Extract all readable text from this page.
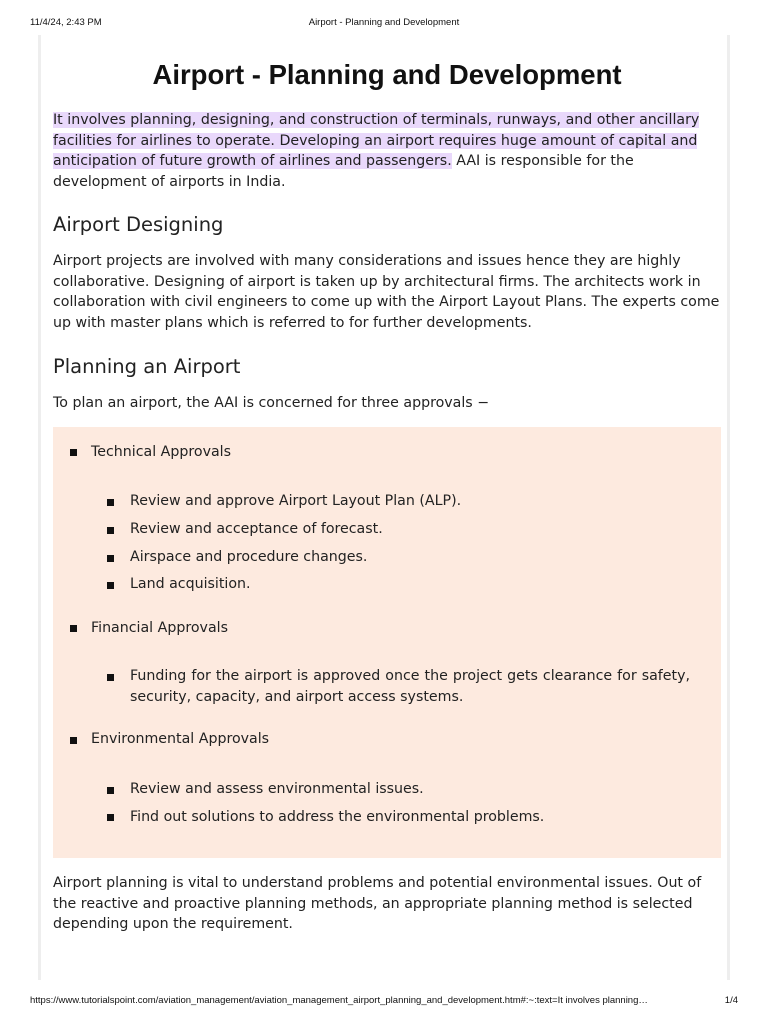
11/4/24, 2:43 PM	Airport - Planning and Development
Airport - Planning and Development

It involves planning, designing, and construction of terminals, runways, and other ancillary facilities for airlines to operate. Developing an airport requires huge amount of capital and anticipation of future growth of airlines and passengers. AAI is responsible for the development of airports in India.

Airport Designing

Airport projects are involved with many considerations and issues hence they are highly collaborative. Designing of airport is taken up by architectural firms. The architects work in collaboration with civil engineers to come up with the Airport Layout Plans. The experts come up with master plans which is referred to for further developments.

Planning an Airport

To plan an airport, the AAI is concerned for three approvals −

Technical Approvals

Review and approve Airport Layout Plan (ALP).

Review and acceptance of forecast.

Airspace and procedure changes.

Land acquisition.

Financial Approvals

Funding for the airport is approved once the project gets clearance for safety, security, capacity, and airport access systems.

Environmental Approvals

Review and assess environmental issues.

Find out solutions to address the environmental problems.

Airport planning is vital to understand problems and potential environmental issues. Out of the reactive and proactive planning methods, an appropriate planning method is selected depending upon the requirement.

https://www.tutorialspoint.com/aviation_management/aviation_management_airport_planning_and_development.htm#:~:text=It involves planning…	1/4
